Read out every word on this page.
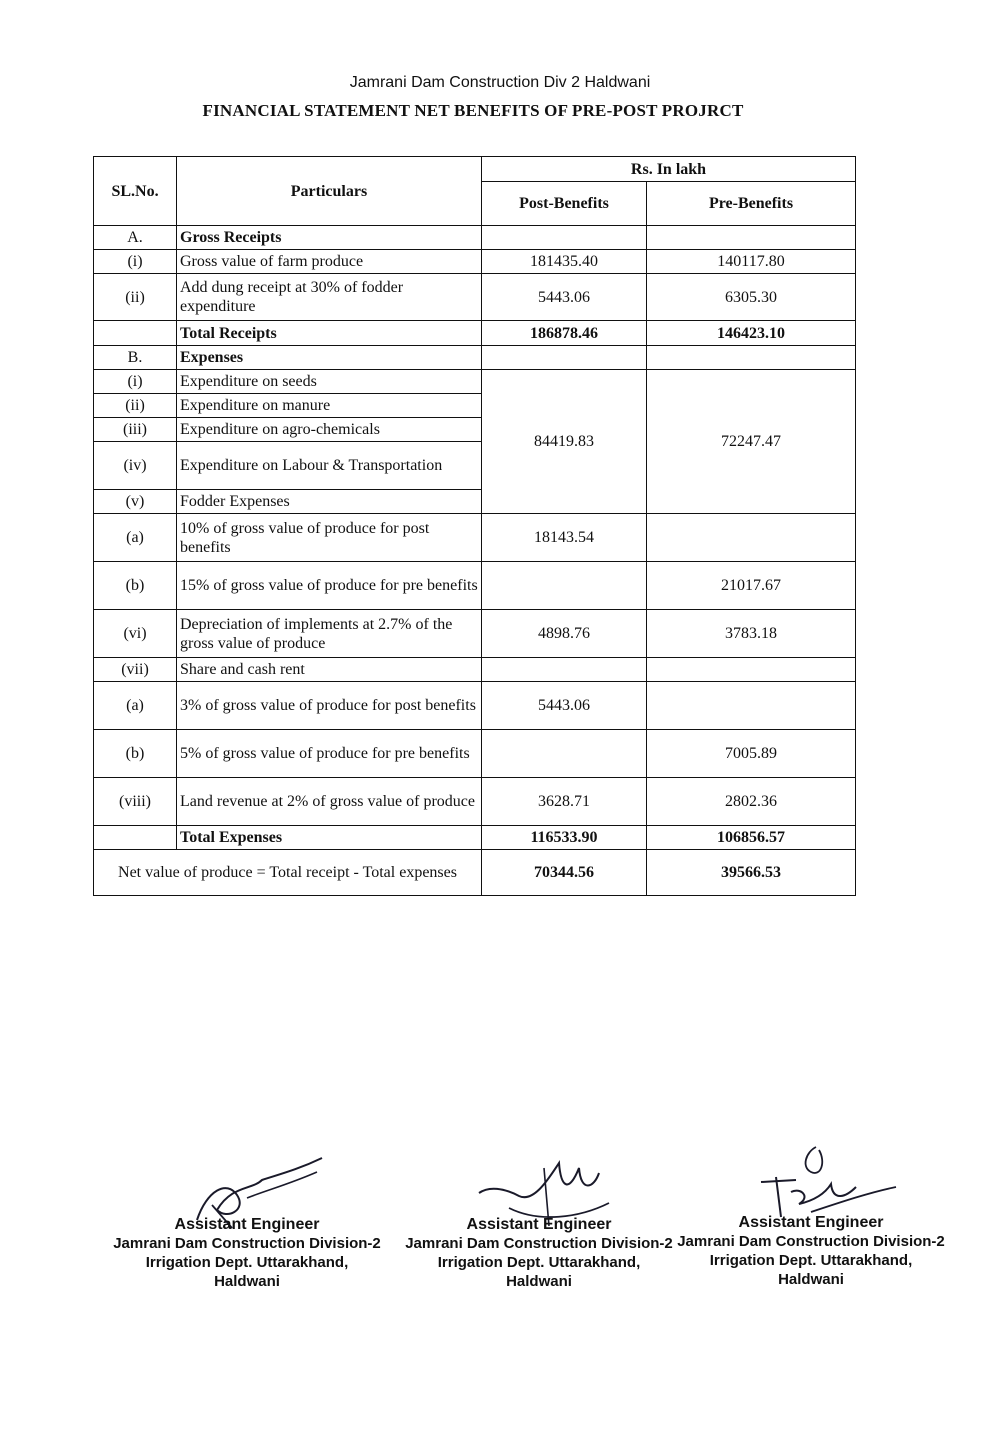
Jamrani Dam Construction Div 2 Haldwani
FINANCIAL STATEMENT NET BENEFITS OF PRE-POST PROJRCT
SL.No.	Particulars	Rs. In lakh	
		Post-Benefits	Pre-Benefits
A.	Gross Receipts		
(i)	Gross value of farm produce	181435.40	140117.80
(ii)	Add dung receipt at 30% of fodder expenditure	5443.06	6305.30
	Total Receipts	186878.46	146423.10
B.	Expenses		
(i)	Expenditure on seeds	84419.83	72247.47
(ii)	Expenditure on manure		
(iii)	Expenditure on agro-chemicals		
(iv)	Expenditure on Labour & Transportation		
(v)	Fodder Expenses		
(a)	10% of gross value of produce for post benefits	18143.54	
(b)	15% of gross value of produce for pre benefits		21017.67
(vi)	Depreciation of implements at 2.7% of the gross value of produce	4898.76	3783.18
(vii)	Share and cash rent		
(a)	3% of gross value of produce for post benefits	5443.06	
(b)	5% of gross value of produce for pre benefits		7005.89
(viii)	Land revenue at 2% of gross value of produce	3628.71	2802.36
	Total Expenses	116533.90	106856.57
Net value of produce = Total receipt - Total expenses		70344.56	39566.53
Assistant Engineer
Jamrani Dam Construction Division-2
Irrigation Dept. Uttarakhand, Haldwani
Assistant Engineer
Jamrani Dam Construction Division-2
Irrigation Dept. Uttarakhand, Haldwani
Assistant Engineer
Jamrani Dam Construction Division-2
Irrigation Dept. Uttarakhand, Haldwani
